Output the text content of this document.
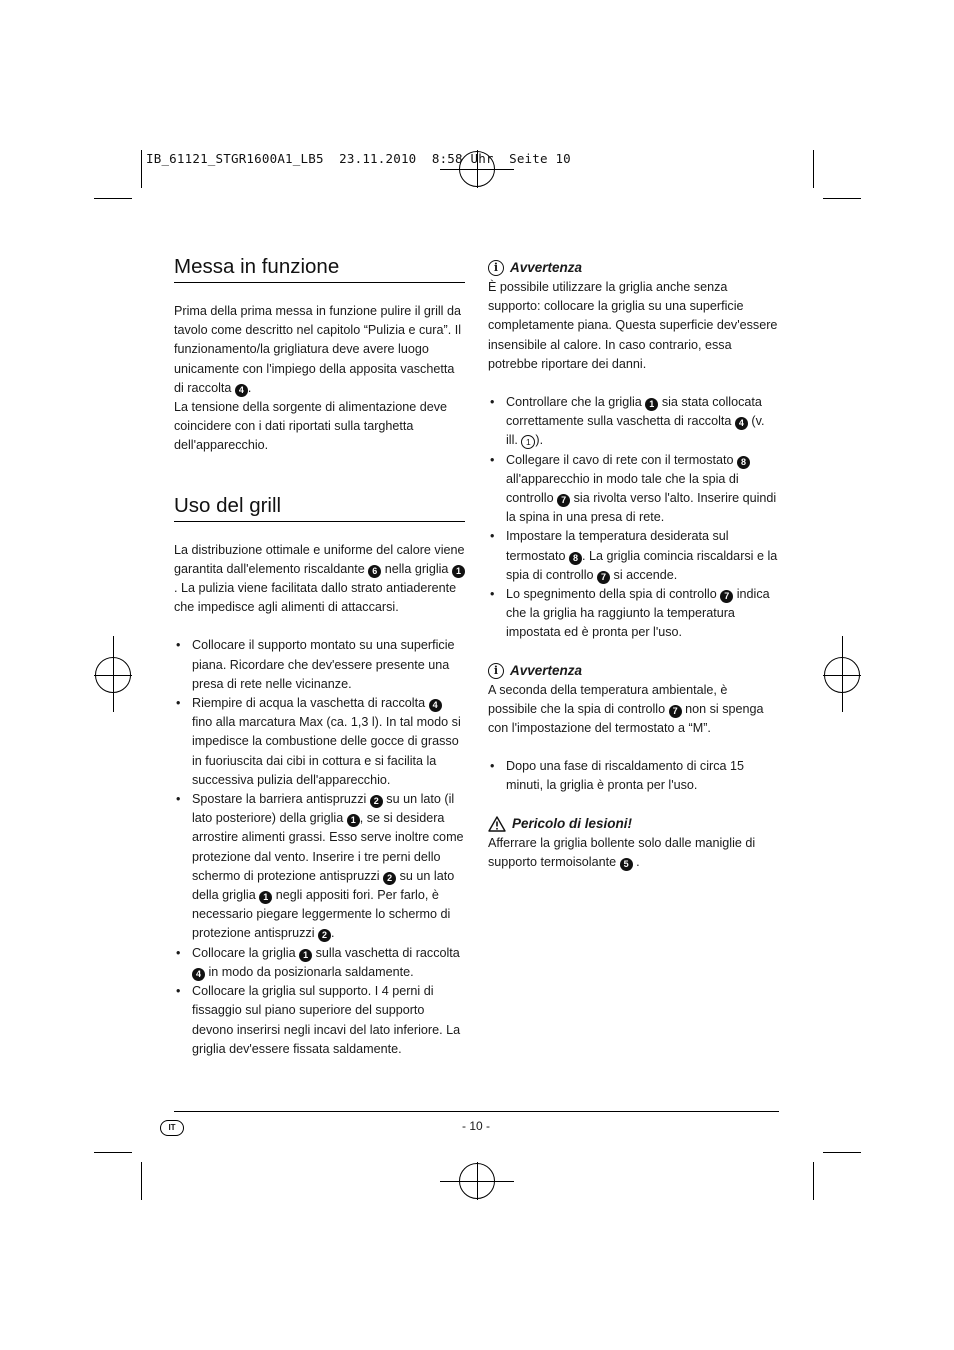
IB_61121_STGR1600A1_LB5  23.11.2010  8:58 Uhr  Seite 10
Messa in funzione

Prima della prima messa in funzione pulire il grill da tavolo come descritto nel capitolo “Pulizia e cura”. Il funzionamento/la grigliatura deve avere luogo unicamente con l'impiego della apposita vaschetta di raccolta 4 .

La tensione della sorgente di alimentazione deve coincidere con i dati riportati sulla targhetta dell'apparecchio.

Uso del grill

La distribuzione ottimale e uniforme del calore viene garantita dall'elemento riscaldante 6 nella griglia 1. La pulizia viene facilitata dallo strato antiaderente che impedisce agli alimenti di attaccarsi.

• Collocare il supporto montato su una superficie piana. Ricordare che dev'essere presente una presa di rete nelle vicinanze.
• Riempire di acqua la vaschetta di raccolta 4 fino alla marcatura Max (ca. 1,3 l). In tal modo si impedisce la combustione delle gocce di grasso in fuoriuscita dai cibi in cottura e si facilita la successiva pulizia dell'apparecchio.
• Spostare la barriera antispruzzi 2 su un lato (il lato posteriore) della griglia 1 , se si desidera arrostire alimenti grassi. Esso serve inoltre come protezione dal vento. Inserire i tre perni dello schermo di protezione antispruzzi 2 su un lato della griglia 1 negli appositi fori. Per farlo, è necessario piegare leggermente lo schermo di protezione antispruzzi 2 .
• Collocare la griglia 1 sulla vaschetta di raccolta 4 in modo da posizionarla saldamente.
• Collocare la griglia sul supporto. I 4 perni di fissaggio sul piano superiore del supporto devono inserirsi negli incavi del lato inferiore. La griglia dev'essere fissata saldamente.
i Avvertenza

È possibile utilizzare la griglia anche senza supporto: collocare la griglia su una superficie completamente piana. Questa superficie dev'essere insensibile al calore. In caso contrario, essa potrebbe riportare dei danni.

• Controllare che la griglia 1 sia stata collocata correttamente sulla vaschetta di raccolta 4 (v. ill. 1 ).
• Collegare il cavo di rete con il termostato 8 all'apparecchio in modo tale che la spia di controllo 7 sia rivolta verso l'alto. Inserire quindi la spina in una presa di rete.
• Impostare la temperatura desiderata sul termostato 8 . La griglia comincia riscaldarsi e la spia di controllo 7 si accende.
• Lo spegnimento della spia di controllo 7 indica che la griglia ha raggiunto la temperatura impostata ed è pronta per l'uso.
i Avvertenza

A seconda della temperatura ambientale, è possibile che la spia di controllo 7 non si spenga con l'impostazione del termostato a “M”.

• Dopo una fase di riscaldamento di circa 15 minuti, la griglia è pronta per l'uso.
Pericolo di lesioni!

Afferrare la griglia bollente solo dalle maniglie di supporto termoisolante 5 .

IT	- 10 -
